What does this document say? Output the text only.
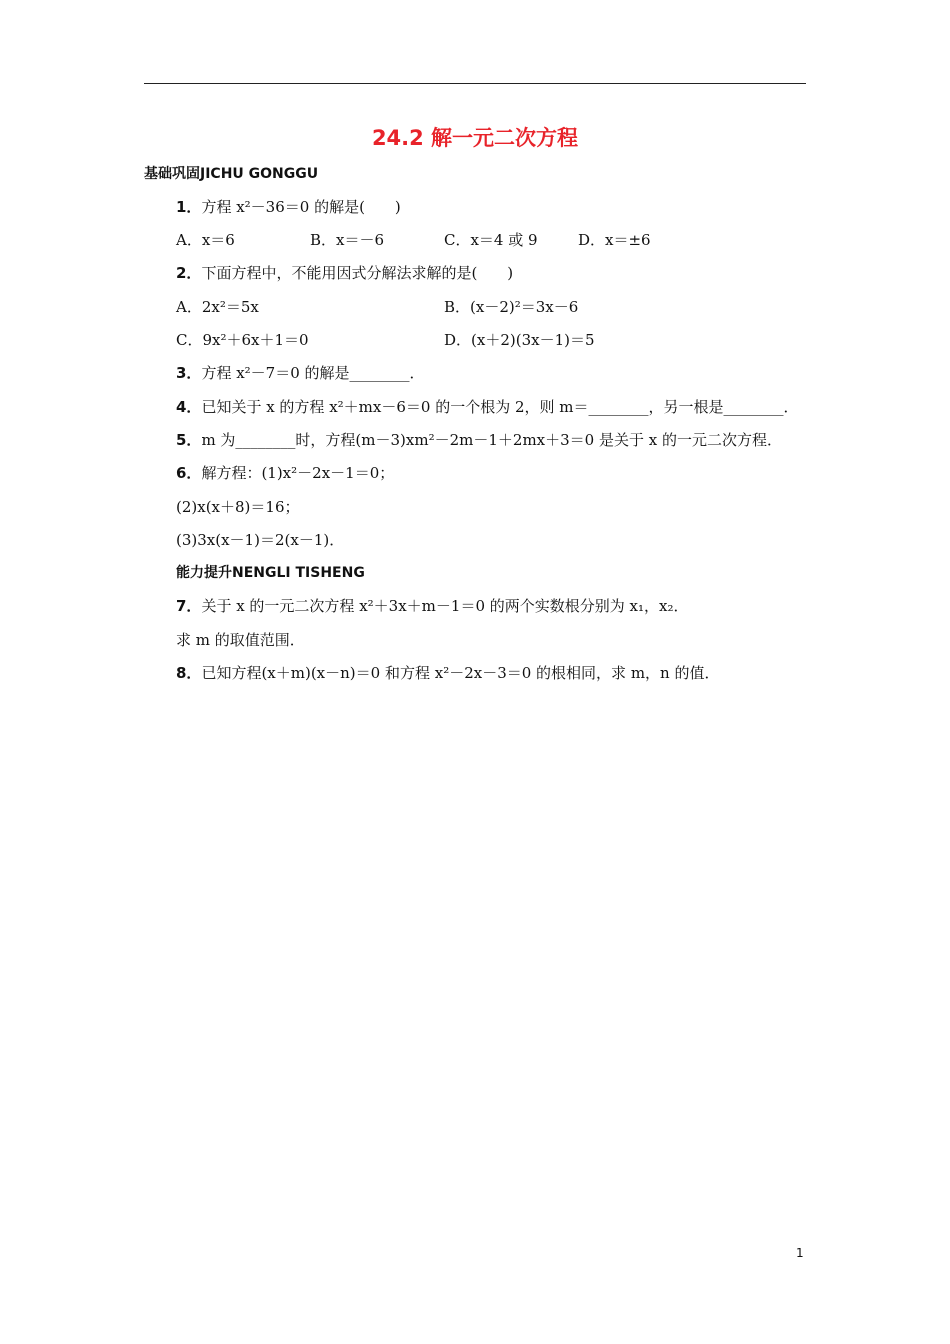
24.2 解一元二次方程
基础巩固JICHU GONGGU
1．方程 x²－36＝0 的解是(　　)
A．x＝6	B．x＝－6	C．x＝4 或 9	D．x＝±6
2．下面方程中，不能用因式分解法求解的是(　　)
A．2x²＝5x	B．(x－2)²＝3x－6
C．9x²＋6x＋1＝0	D．(x＋2)(3x－1)＝5
3．方程 x²－7＝0 的解是________．
4．已知关于 x 的方程 x²＋mx－6＝0 的一个根为 2，则 m＝________，另一根是________．
5．m 为________时，方程(m－3)xm²－2m－1＋2mx＋3＝0 是关于 x 的一元二次方程．
6．解方程：(1)x²－2x－1＝0；
(2)x(x＋8)＝16；
(3)3x(x－1)＝2(x－1)．
能力提升NENGLI TISHENG
7．关于 x 的一元二次方程 x²＋3x＋m－1＝0 的两个实数根分别为 x₁，x₂．
求 m 的取值范围．
8．已知方程(x＋m)(x－n)＝0 和方程 x²－2x－3＝0 的根相同，求 m，n 的值．
1
